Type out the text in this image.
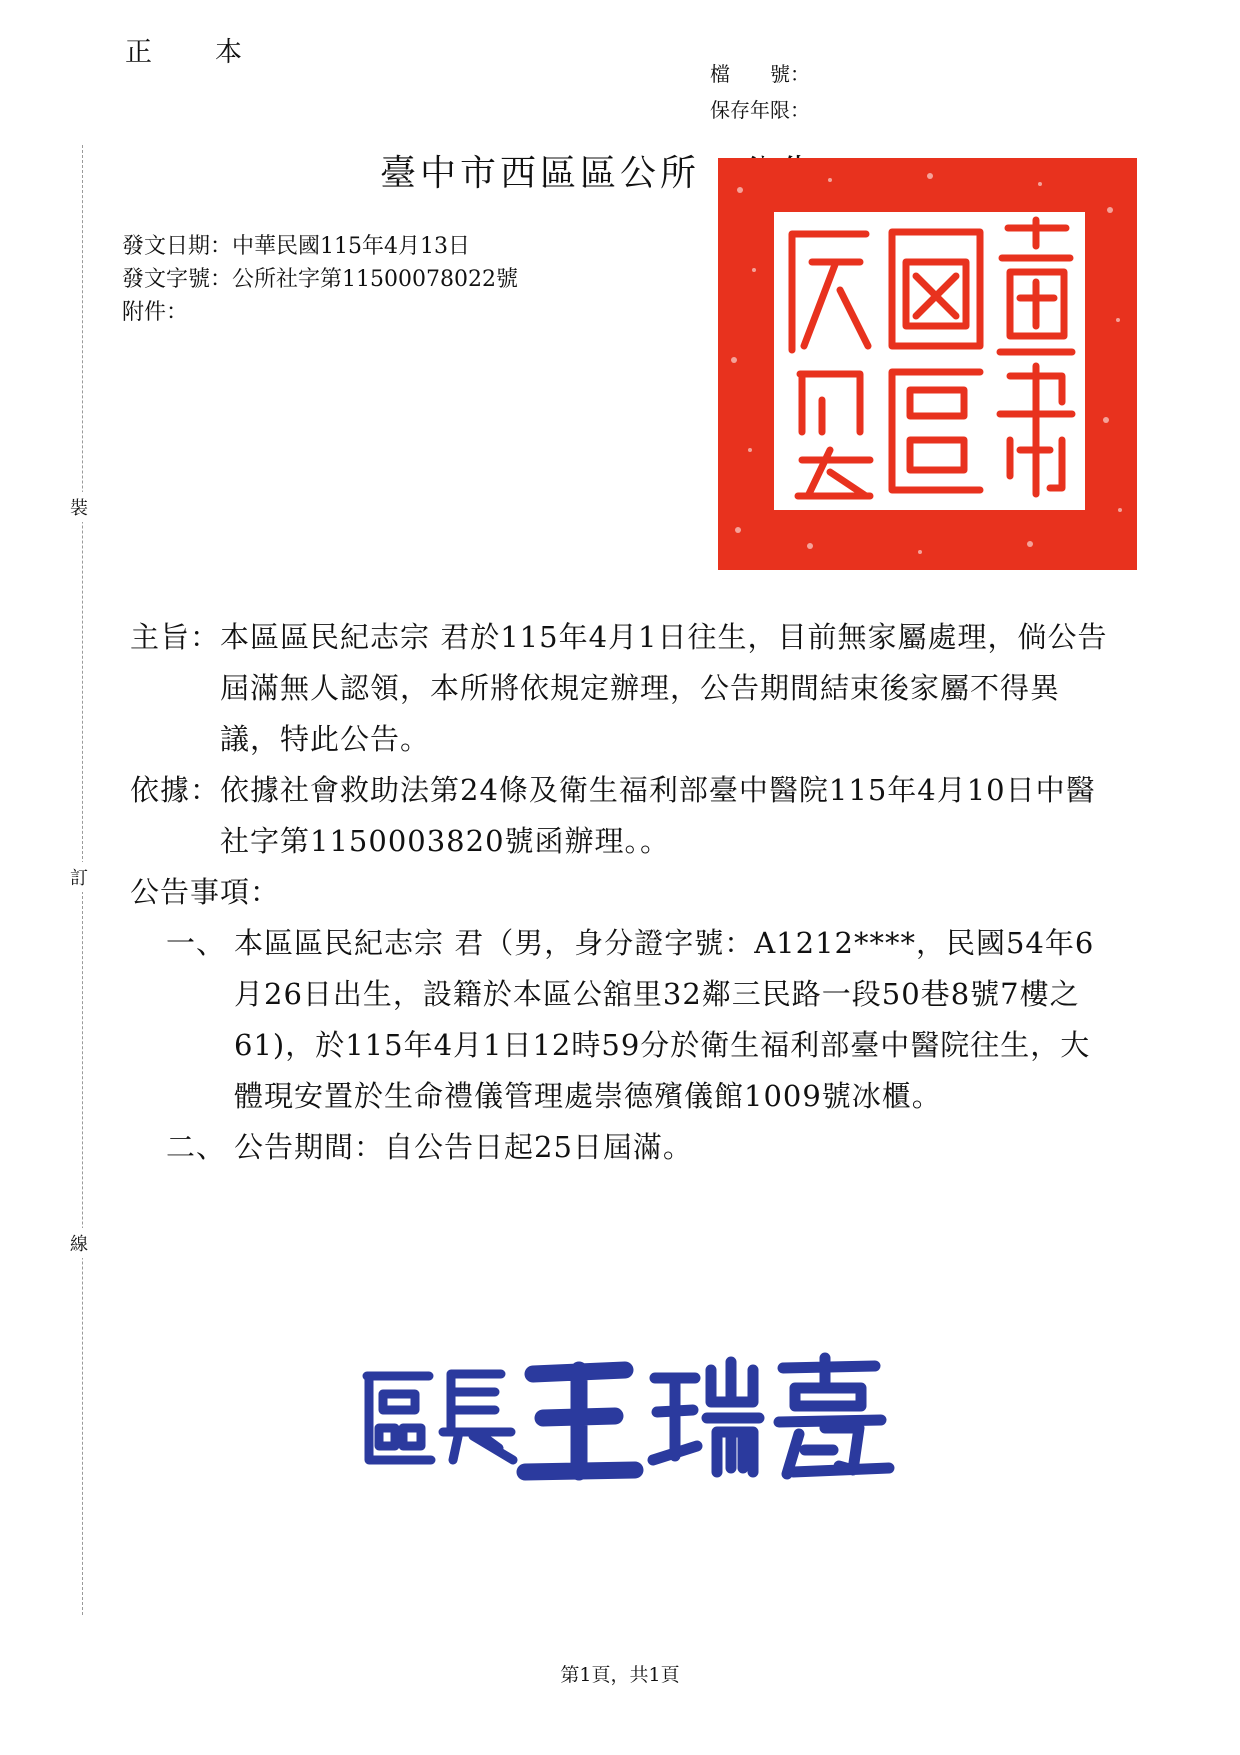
正　本
檔　　號：
保存年限：
裝
訂
線
臺中市西區區公所
發文日期：中華民國115年4月13日
發文字號：公所社字第11500078022號
附件：
主旨： 本區區民紀志宗 君於115年4月1日往生，目前無家屬處理，倘公告屆滿無人認領，本所將依規定辦理，公告期間結束後家屬不得異議，特此公告。
依據： 依據社會救助法第24條及衛生福利部臺中醫院115年4月10日中醫社字第1150003820號函辦理。。
公告事項：
一、 本區區民紀志宗 君（男，身分證字號：A1212****，民國54年6月26日出生，設籍於本區公舘里32鄰三民路一段50巷8號7樓之61)，於115年4月1日12時59分於衛生福利部臺中醫院往生，大體現安置於生命禮儀管理處崇德殯儀館1009號冰櫃。
二、 公告期間：自公告日起25日屆滿。
第1頁，共1頁
